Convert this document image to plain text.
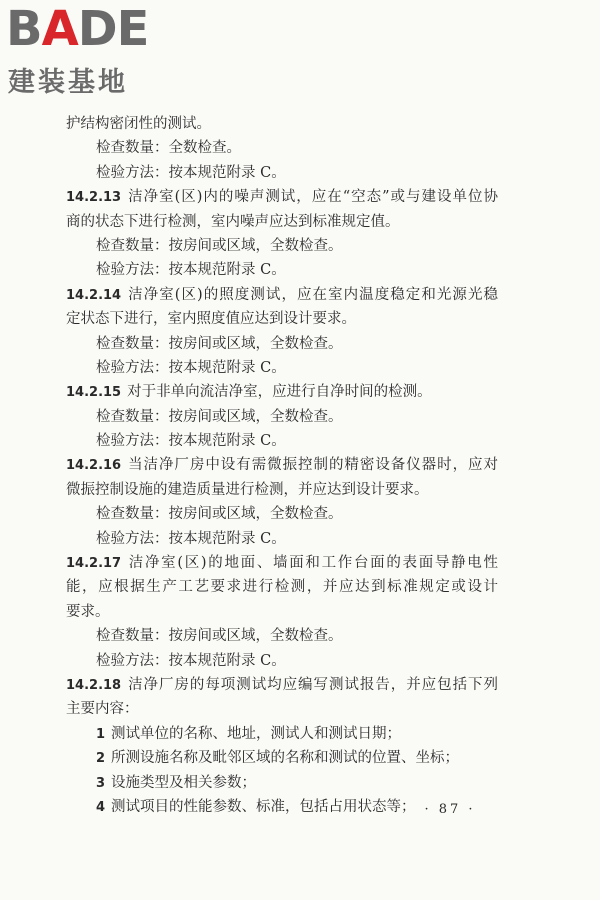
BADE
建装基地
护结构密闭性的测试。
检查数量：全数检查。
检验方法：按本规范附录 C。
14.2.13 洁净室(区)内的噪声测试，应在“空态”或与建设单位协
商的状态下进行检测，室内噪声应达到标准规定值。
检查数量：按房间或区域，全数检查。
检验方法：按本规范附录 C。
14.2.14 洁净室(区)的照度测试，应在室内温度稳定和光源光稳
定状态下进行，室内照度值应达到设计要求。
检查数量：按房间或区域，全数检查。
检验方法：按本规范附录 C。
14.2.15 对于非单向流洁净室，应进行自净时间的检测。
检查数量：按房间或区域，全数检查。
检验方法：按本规范附录 C。
14.2.16 当洁净厂房中设有需微振控制的精密设备仪器时，应对
微振控制设施的建造质量进行检测，并应达到设计要求。
检查数量：按房间或区域，全数检查。
检验方法：按本规范附录 C。
14.2.17 洁净室(区)的地面、墙面和工作台面的表面导静电性
能，应根据生产工艺要求进行检测，并应达到标准规定或设计
要求。
检查数量：按房间或区域，全数检查。
检验方法：按本规范附录 C。
14.2.18 洁净厂房的每项测试均应编写测试报告，并应包括下列
主要内容：
1 测试单位的名称、地址，测试人和测试日期；
2 所测设施名称及毗邻区域的名称和测试的位置、坐标；
3 设施类型及相关参数；
4 测试项目的性能参数、标准，包括占用状态等； · 87 ·
